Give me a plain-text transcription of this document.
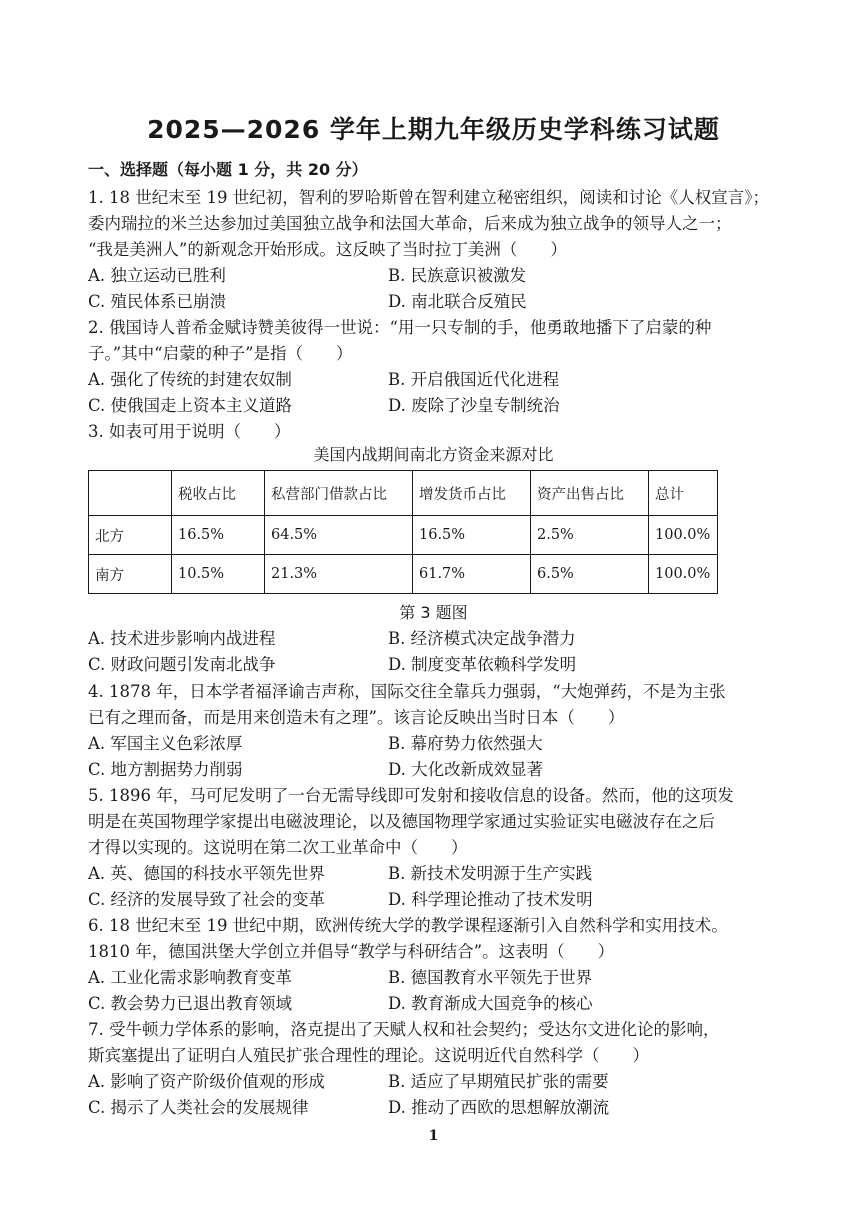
2025—2026 学年上期九年级历史学科练习试题
一、选择题（每小题 1 分，共 20 分）
1. 18 世纪末至 19 世纪初，智利的罗哈斯曾在智利建立秘密组织，阅读和讨论《人权宣言》；
委内瑞拉的米兰达参加过美国独立战争和法国大革命，后来成为独立战争的领导人之一；
“我是美洲人”的新观念开始形成。这反映了当时拉丁美洲（　　）
A. 独立运动已胜利	B. 民族意识被激发
C. 殖民体系已崩溃	D. 南北联合反殖民
2. 俄国诗人普希金赋诗赞美彼得一世说：“用一只专制的手，他勇敢地播下了启蒙的种
子。”其中“启蒙的种子”是指（　　）
A. 强化了传统的封建农奴制	B. 开启俄国近代化进程
C. 使俄国走上资本主义道路	D. 废除了沙皇专制统治
3. 如表可用于说明（　　）
美国内战期间南北方资金来源对比
	税收占比	私营部门借款占比	增发货币占比	资产出售占比	总计
北方	16.5%	64.5%	16.5%	2.5%	100.0%
南方	10.5%	21.3%	61.7%	6.5%	100.0%
第 3 题图
A. 技术进步影响内战进程	B. 经济模式决定战争潜力
C. 财政问题引发南北战争	D. 制度变革依赖科学发明
4. 1878 年，日本学者福泽谕吉声称，国际交往全靠兵力强弱，“大炮弹药，不是为主张
已有之理而备，而是用来创造未有之理”。该言论反映出当时日本（　　）
A. 军国主义色彩浓厚	B. 幕府势力依然强大
C. 地方割据势力削弱	D. 大化改新成效显著
5. 1896 年，马可尼发明了一台无需导线即可发射和接收信息的设备。然而，他的这项发
明是在英国物理学家提出电磁波理论，以及德国物理学家通过实验证实电磁波存在之后
才得以实现的。这说明在第二次工业革命中（　　）
A. 英、德国的科技水平领先世界	B. 新技术发明源于生产实践
C. 经济的发展导致了社会的变革	D. 科学理论推动了技术发明
6. 18 世纪末至 19 世纪中期，欧洲传统大学的教学课程逐渐引入自然科学和实用技术。
1810 年，德国洪堡大学创立并倡导“教学与科研结合”。这表明（　　）
A. 工业化需求影响教育变革	B. 德国教育水平领先于世界
C. 教会势力已退出教育领域	D. 教育渐成大国竞争的核心
7. 受牛顿力学体系的影响，洛克提出了天赋人权和社会契约；受达尔文进化论的影响，
斯宾塞提出了证明白人殖民扩张合理性的理论。这说明近代自然科学（　　）
A. 影响了资产阶级价值观的形成	B. 适应了早期殖民扩张的需要
C. 揭示了人类社会的发展规律	D. 推动了西欧的思想解放潮流
1
